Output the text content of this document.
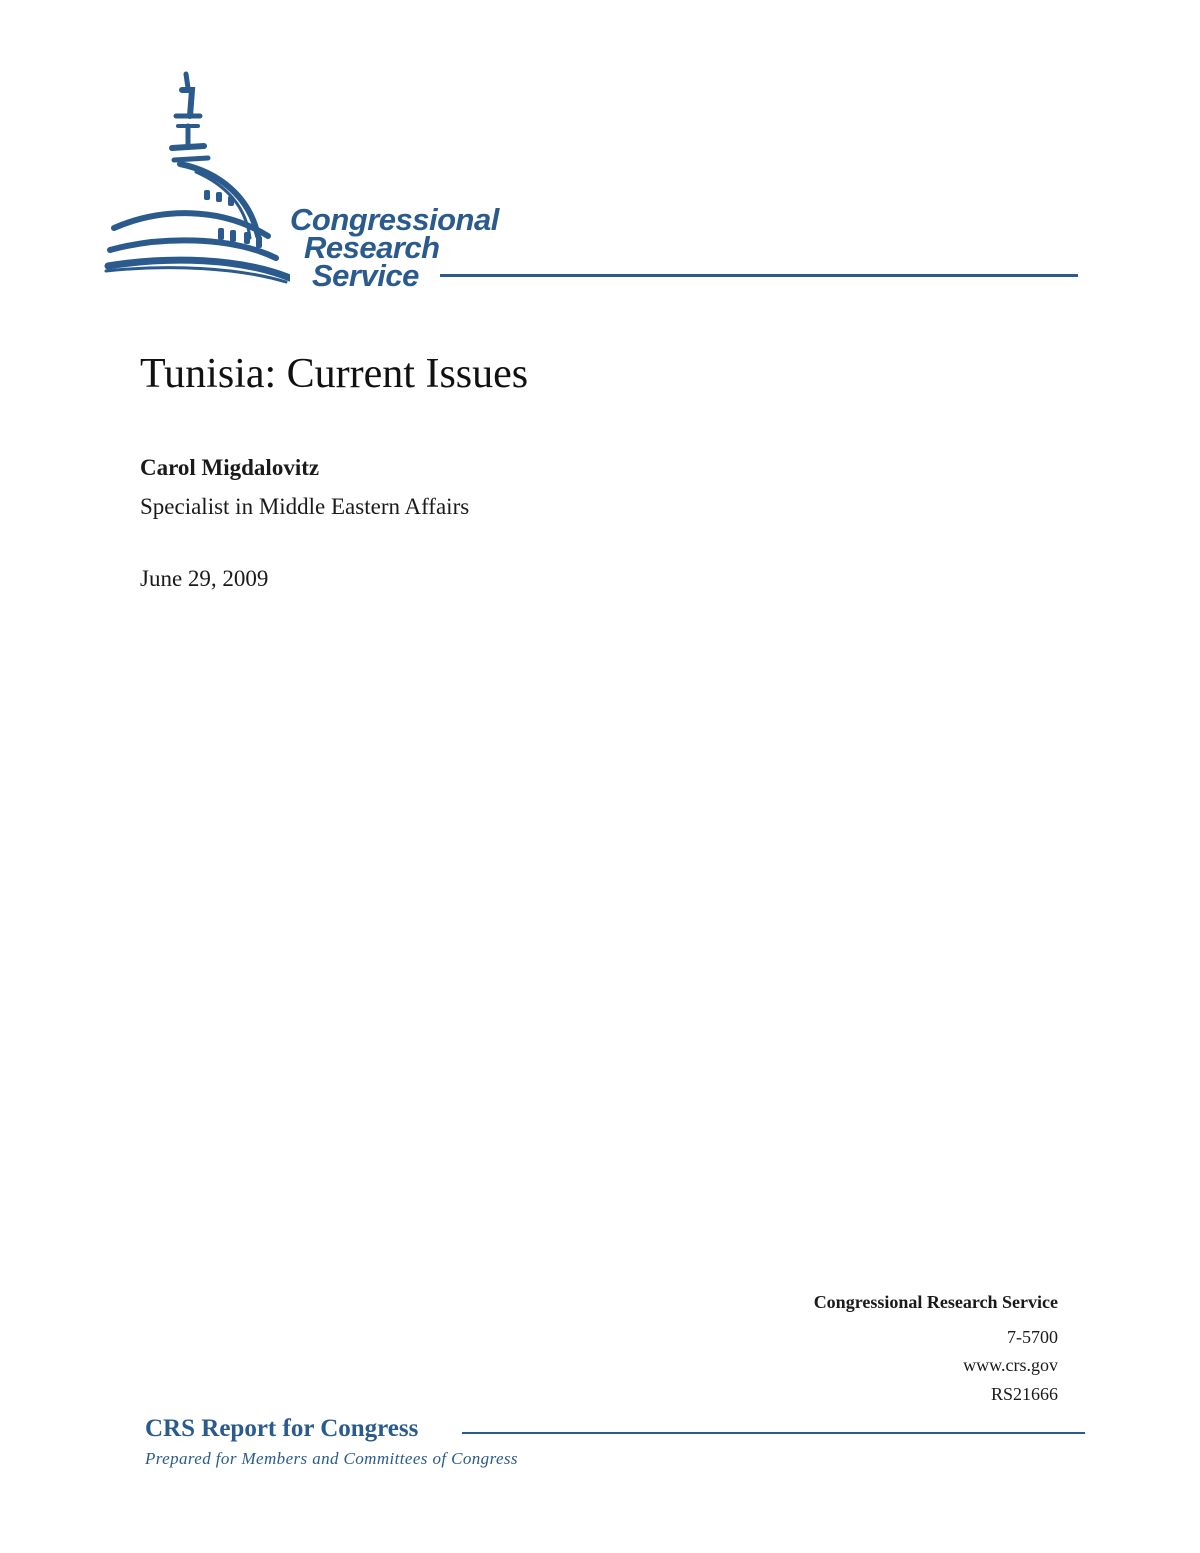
Congressional
Research
Service
Tunisia: Current Issues
Carol Migdalovitz
Specialist in Middle Eastern Affairs
June 29, 2009
Congressional Research Service
7-5700
www.crs.gov
RS21666
CRS Report for Congress
Prepared for Members and Committees of Congress
